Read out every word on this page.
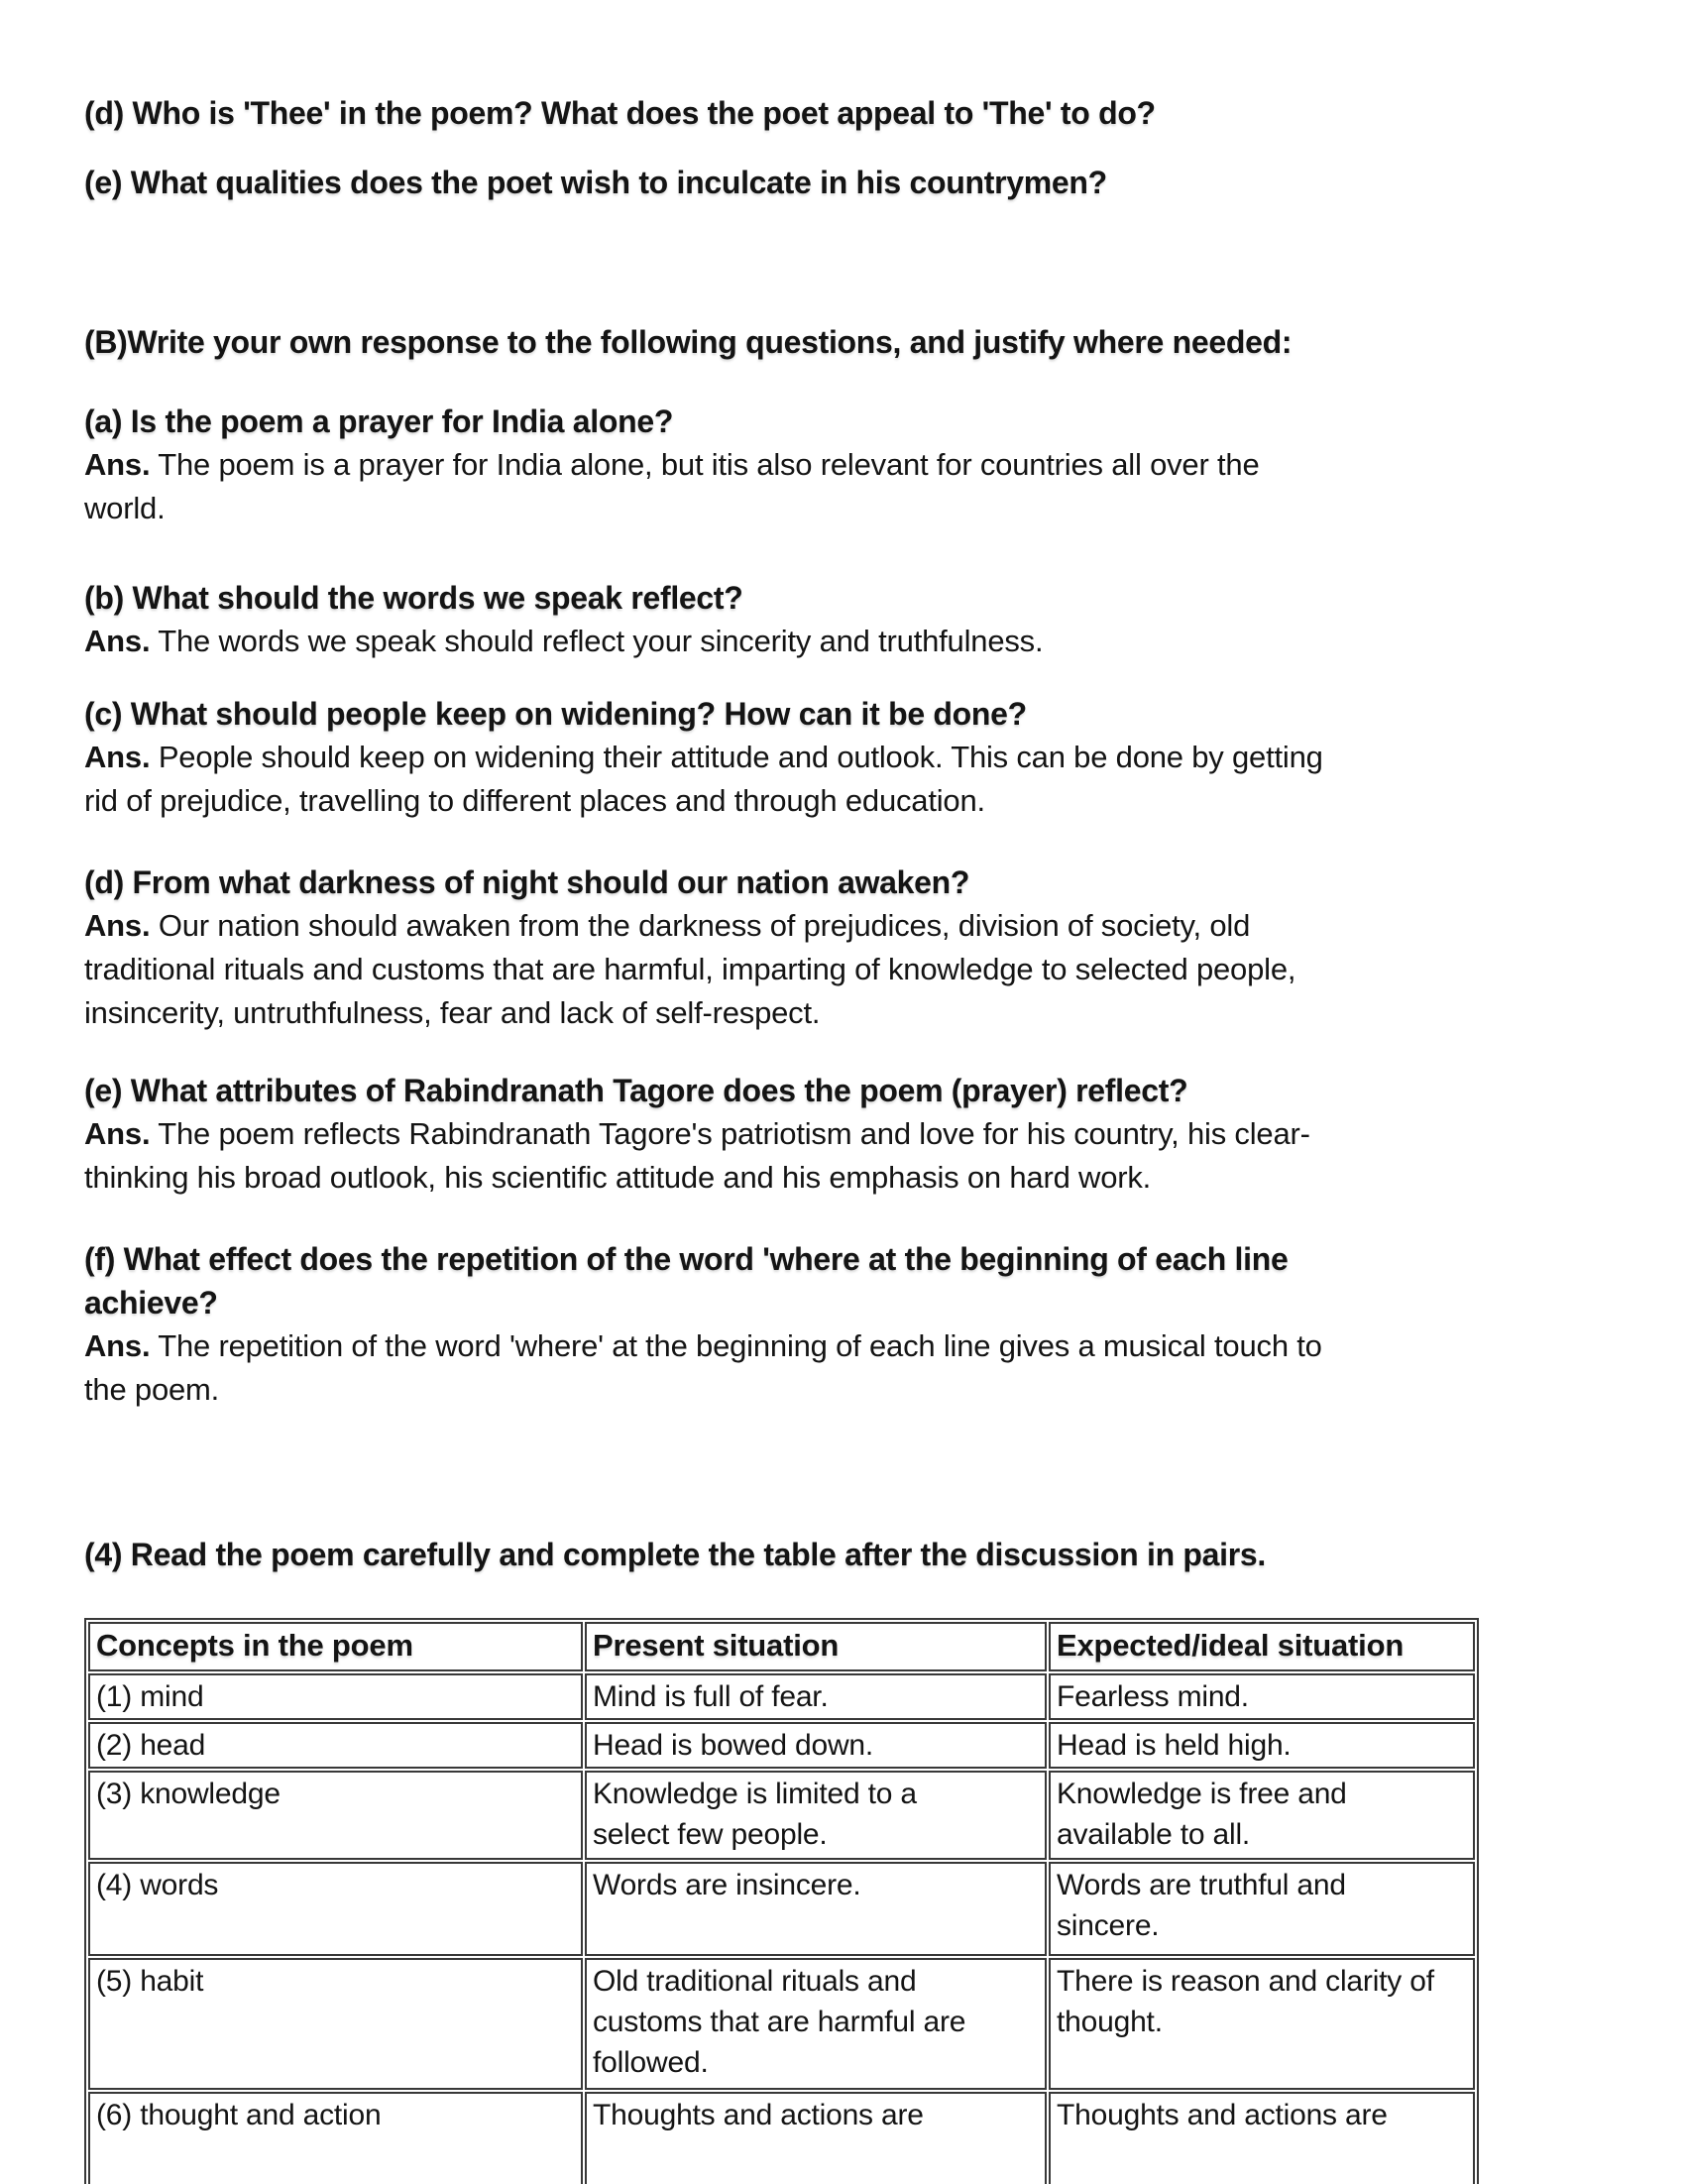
(d) Who is 'Thee' in the poem? What does the poet appeal to 'The' to do?

(e) What qualities does the poet wish to inculcate in his countrymen?

(B)Write your own response to the following questions, and justify where needed:

(a) Is the poem a prayer for India alone?

Ans. The poem is a prayer for India alone, but itis also relevant for countries all over the
world.

(b) What should the words we speak reflect?

Ans. The words we speak should reflect your sincerity and truthfulness.

(c) What should people keep on widening? How can it be done?

Ans. People should keep on widening their attitude and outlook. This can be done by getting
rid of prejudice, travelling to different places and through education.

(d) From what darkness of night should our nation awaken?

Ans. Our nation should awaken from the darkness of prejudices, division of society, old
traditional rituals and customs that are harmful, imparting of knowledge to selected people,
insincerity, untruthfulness, fear and lack of self-respect.

(e) What attributes of Rabindranath Tagore does the poem (prayer) reflect?

Ans. The poem reflects Rabindranath Tagore's patriotism and love for his country, his clear-
thinking his broad outlook, his scientific attitude and his emphasis on hard work.

(f) What effect does the repetition of the word 'where at the beginning of each line
achieve?

Ans. The repetition of the word 'where' at the beginning of each line gives a musical touch to
the poem.

(4) Read the poem carefully and complete the table after the discussion in pairs.

Concepts in the poem	Present situation	Expected/ideal situation
(1) mind	Mind is full of fear.	Fearless mind.
(2) head	Head is bowed down.	Head is held high.
(3) knowledge	Knowledge is limited to a
select few people.	Knowledge is free and
available to all.
(4) words	Words are insincere.	Words are truthful and
sincere.
(5) habit	Old traditional rituals and
customs that are harmful are
followed.	There is reason and clarity of
thought.
(6) thought and action	Thoughts and actions are	Thoughts and actions are
